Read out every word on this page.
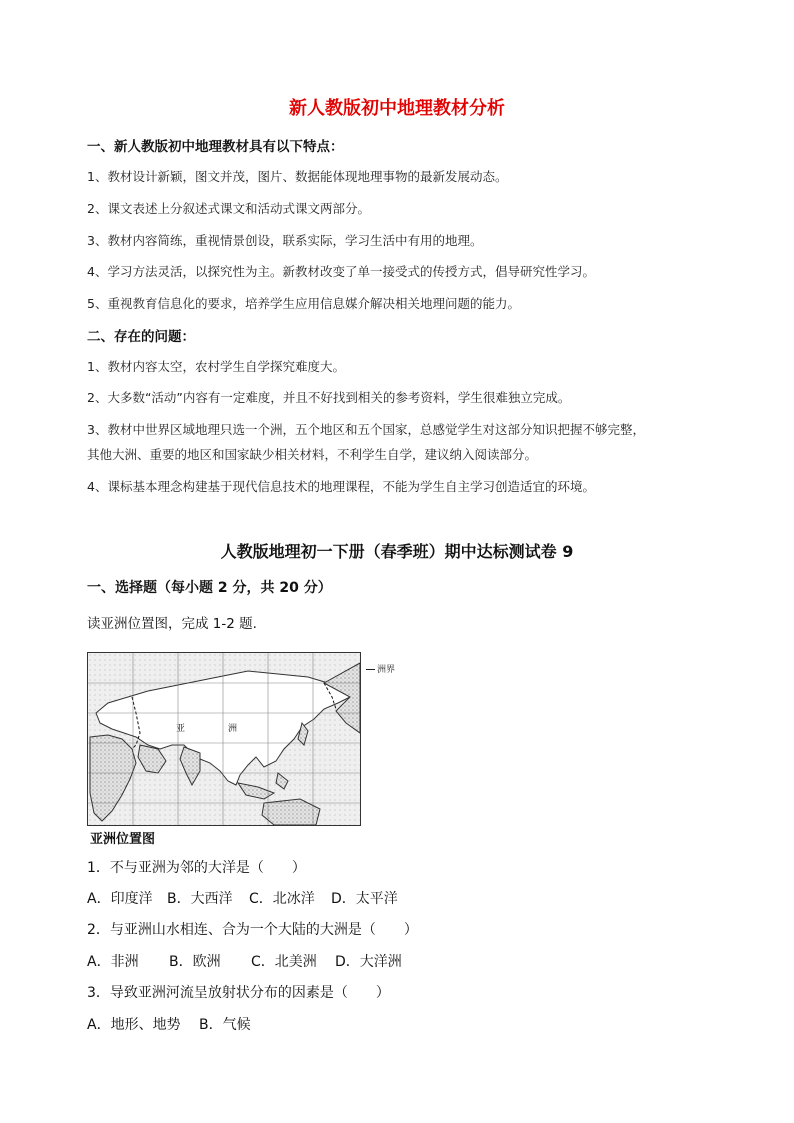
新人教版初中地理教材分析
一、新人教版初中地理教材具有以下特点：
1、教材设计新颖，图文并茂，图片、数据能体现地理事物的最新发展动态。
2、课文表述上分叙述式课文和活动式课文两部分。
3、教材内容简练，重视情景创设，联系实际，学习生活中有用的地理。
4、学习方法灵活，以探究性为主。新教材改变了单一接受式的传授方式，倡导研究性学习。
5、重视教育信息化的要求，培养学生应用信息媒介解决相关地理问题的能力。
二、存在的问题：
1、教材内容太空，农村学生自学探究难度大。
2、大多数“活动”内容有一定难度，并且不好找到相关的参考资料，学生很难独立完成。
3、教材中世界区域地理只选一个洲，五个地区和五个国家，总感觉学生对这部分知识把握不够完整，
其他大洲、重要的地区和国家缺少相关材料，不利学生自学，建议纳入阅读部分。
4、课标基本理念构建基于现代信息技术的地理课程，不能为学生自主学习创造适宜的环境。
人教版地理初一下册（春季班）期中达标测试卷 9
一、选择题（每小题 2 分，共 20 分）
读亚洲位置图，完成 1-2 题.
亚	洲
洲界
亚洲位置图
1．不与亚洲为邻的大洋是（　　）
A．印度洋 B．大西洋 C．北冰洋 D．太平洋
2．与亚洲山水相连、合为一个大陆的大洲是（　　）
A．非洲 B．欧洲 C．北美洲 D．大洋洲
3．导致亚洲河流呈放射状分布的因素是（　　）
A．地形、地势 B．气候
